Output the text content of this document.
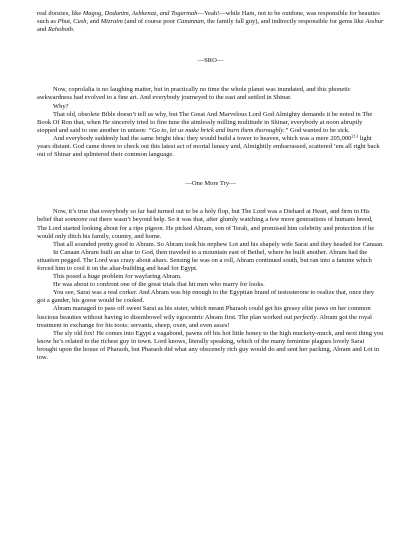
real doozies, like Magog, Dodanim, Ashkenaz, and Togarmah—Yeah!—while Ham, not to be outdone, was responsible for beauties such as Phut, Cush, and Mizraim (and of course poor Canannan, the family fall guy), and indirectly responsible for gems like Asshur and Rehoboth.

—SRO—

Now, coprolalia is no laughing matter, but in practically no time the whole planet was inundated, and this phonetic awkwardness had evolved to a fine art. And everybody journeyed to the east and settled in Shinar.

Why?

That old, obsolete Bible doesn’t tell us why, but The Great And Marvelous Lord God Almighty demands it be noted in The Book Of Ron that, when He sincerely tried to fine tune the aimlessly milling multitude in Shinar, everybody at noon abruptly stopped and said to one another in unison: “Go to, let us make brick and burn them thoroughly.” God wanted to be sick.

And everybody suddenly had the same bright idea: they would build a tower to heaven, which was a mere 205,000$^{213}$ light years distant. God came down to check out this latest act of mortal lunacy and, Almightily embarrassed, scattered ’em all right back out of Shinar and splintered their common language.

—One More Try—

Now, it’s true that everybody so far had turned out to be a holy flop, but The Lord was a Diehard at Heart, and firm in His belief that someone out there wasn’t beyond help. So it was that, after glumly watching a few more generations of humans breed, The Lord started looking about for a ripe pigeon. He picked Abram, son of Terah, and promised him celebrity and protection if he would only ditch his family, country, and home.

That all sounded pretty good to Abram. So Abram took his nephew Lot and his shapely wife Sarai and they headed for Canaan.

In Canaan Abram built an altar to God, then traveled to a mountain east of Bethel, where he built another. Abram had the situation pegged. The Lord was crazy about altars. Sensing he was on a roll, Abram continued south, but ran into a famine which forced him to cool it on the altar-building and head for Egypt.

This posed a huge problem for wayfaring Abram.

He was about to confront one of the great trials that hit men who marry for looks.

You see, Sarai was a real corker. And Abram was hip enough to the Egyptian brand of testosterone to realize that, once they got a gander, his goose would be cooked.

Abram managed to pass off sweet Sarai as his sister, which meant Pharaoh could get his greasy elite paws on her common luscious beauties without having to disembowel wily egocentric Abram first. The plan worked out perfectly. Abram got the royal treatment in exchange for his toots: servants, sheep, oxen, and even asses!

The sly old fox! He comes into Egypt a vagabond, pawns off his hot little honey to the high muckety-muck, and next thing you know he’s related to the richest guy in town. Lord knows, literally speaking, which of the many feminine plagues lovely Sarai brought upon the house of Pharaoh, but Pharaoh did what any obscenely rich guy would do and sent her packing, Abram and Lot in tow.
